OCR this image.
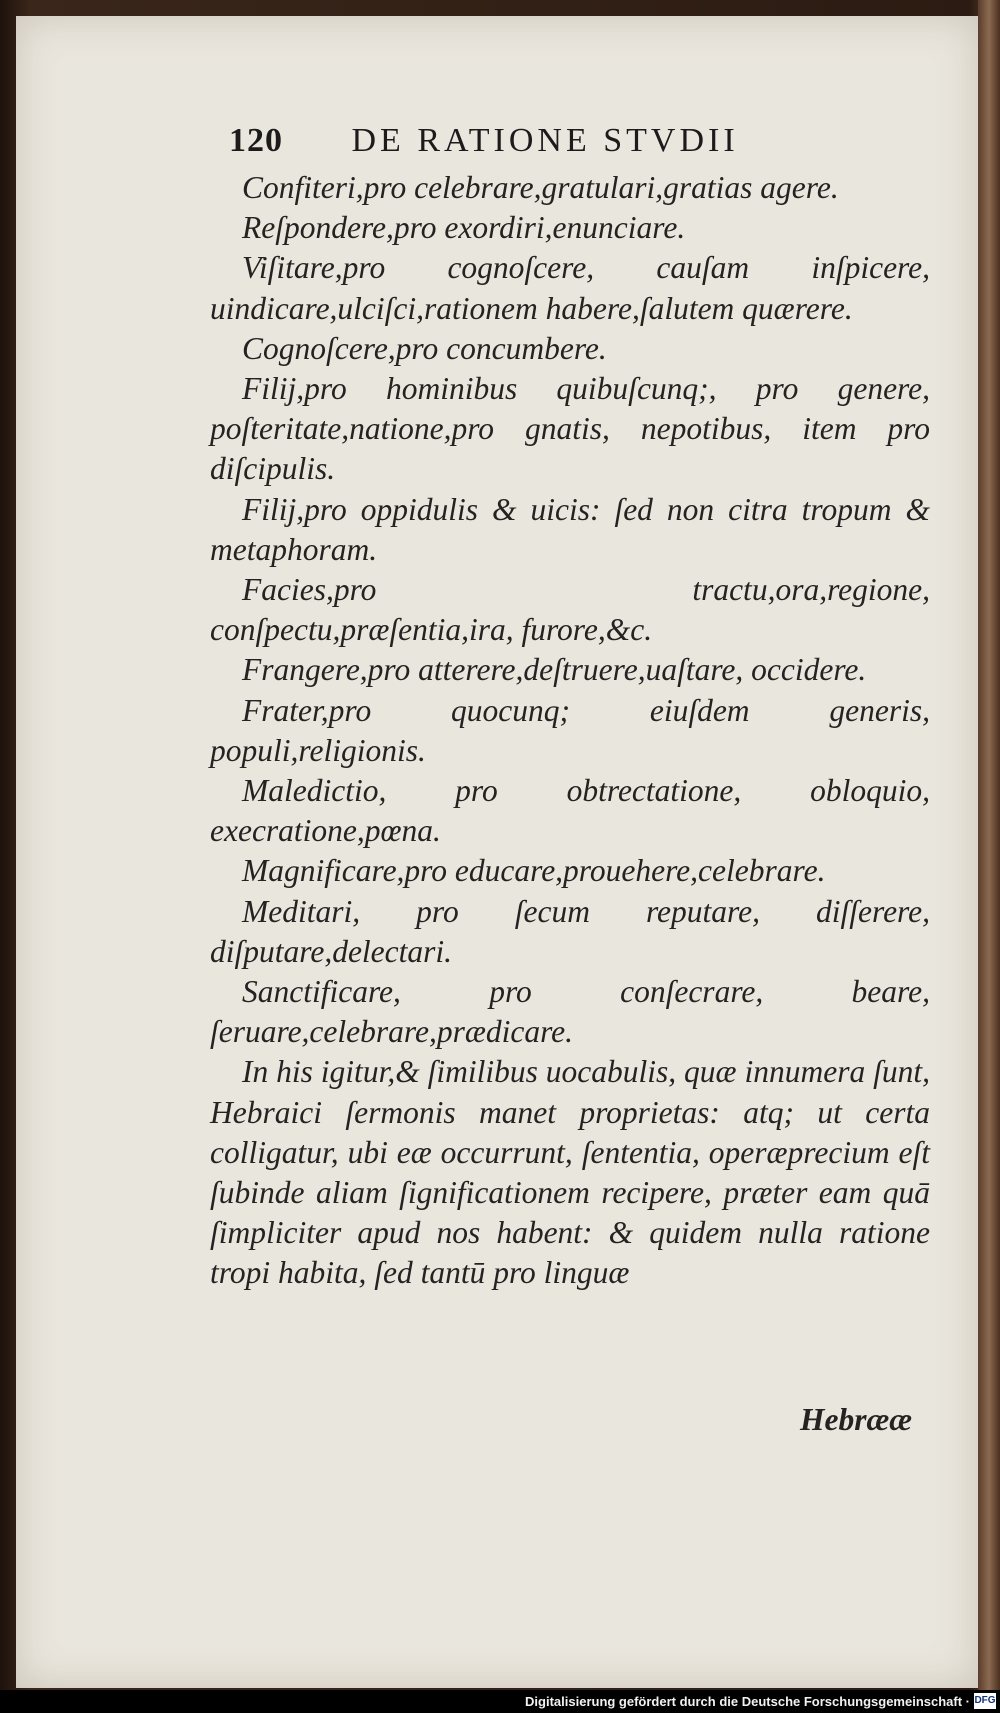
120 DE RATIONE STVDII

Confiteri,pro celebrare,gratulari,gratias agere.

Reſpondere,pro exordiri,enunciare.

Viſitare,pro cognoſcere, cauſam inſpicere, uindicare,ulciſci,rationem habere,ſalutem quærere.

Cognoſcere,pro concumbere.

Filij,pro hominibus quibuſcunq;, pro genere, poſteritate,natione,pro gnatis, nepotibus, item pro diſcipulis.

Filij,pro oppidulis & uicis: ſed non citra tropum & metaphoram.

Facies,pro tractu,ora,regione, conſpectu,præſentia,ira, furore,&c.

Frangere,pro atterere,deſtruere,uaſtare, occidere.

Frater,pro quocunq; eiuſdem generis, populi,religionis.

Maledictio, pro obtrectatione, obloquio, execratione,pœna.

Magnificare,pro educare,prouehere,celebrare.

Meditari, pro ſecum reputare, diſſerere, diſputare,delectari.

Sanctificare, pro conſecrare, beare, ſeruare,celebrare,prædicare.

In his igitur,& ſimilibus uocabulis, quæ innumera ſunt, Hebraici ſermonis manet proprietas: atq; ut certa colligatur, ubi eæ occurrunt, ſententia, operæprecium eſt ſubinde aliam ſignificationem recipere, præter eam quā ſimpliciter apud nos habent: & quidem nulla ratione tropi habita, ſed tantū pro linguæ

Hebrææ
Digitalisierung gefördert durch die Deutsche Forschungsgemeinschaft · DFG
